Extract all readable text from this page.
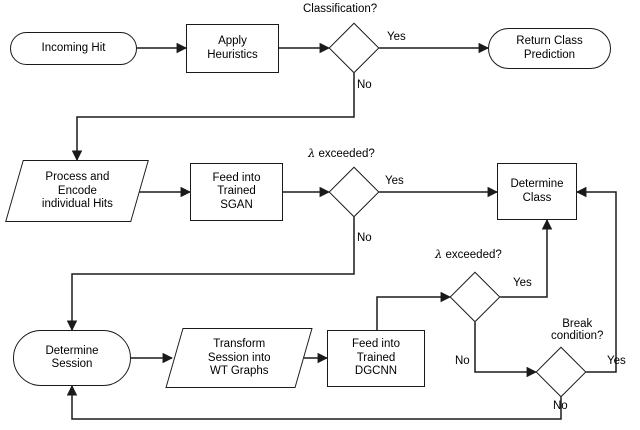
Incoming Hit
Apply
Heuristics
Return Class
Prediction
Process and
Encode
individual Hits
Feed into
Trained
SGAN
Determine
Class
Determine
Session
Transform
Session into
WT Graphs
Feed into
Trained
DGCNN
Classification?
Yes
No
λ exceeded?
Yes
No
λ exceeded?
Yes
No
Break
condition?
Yes
No
